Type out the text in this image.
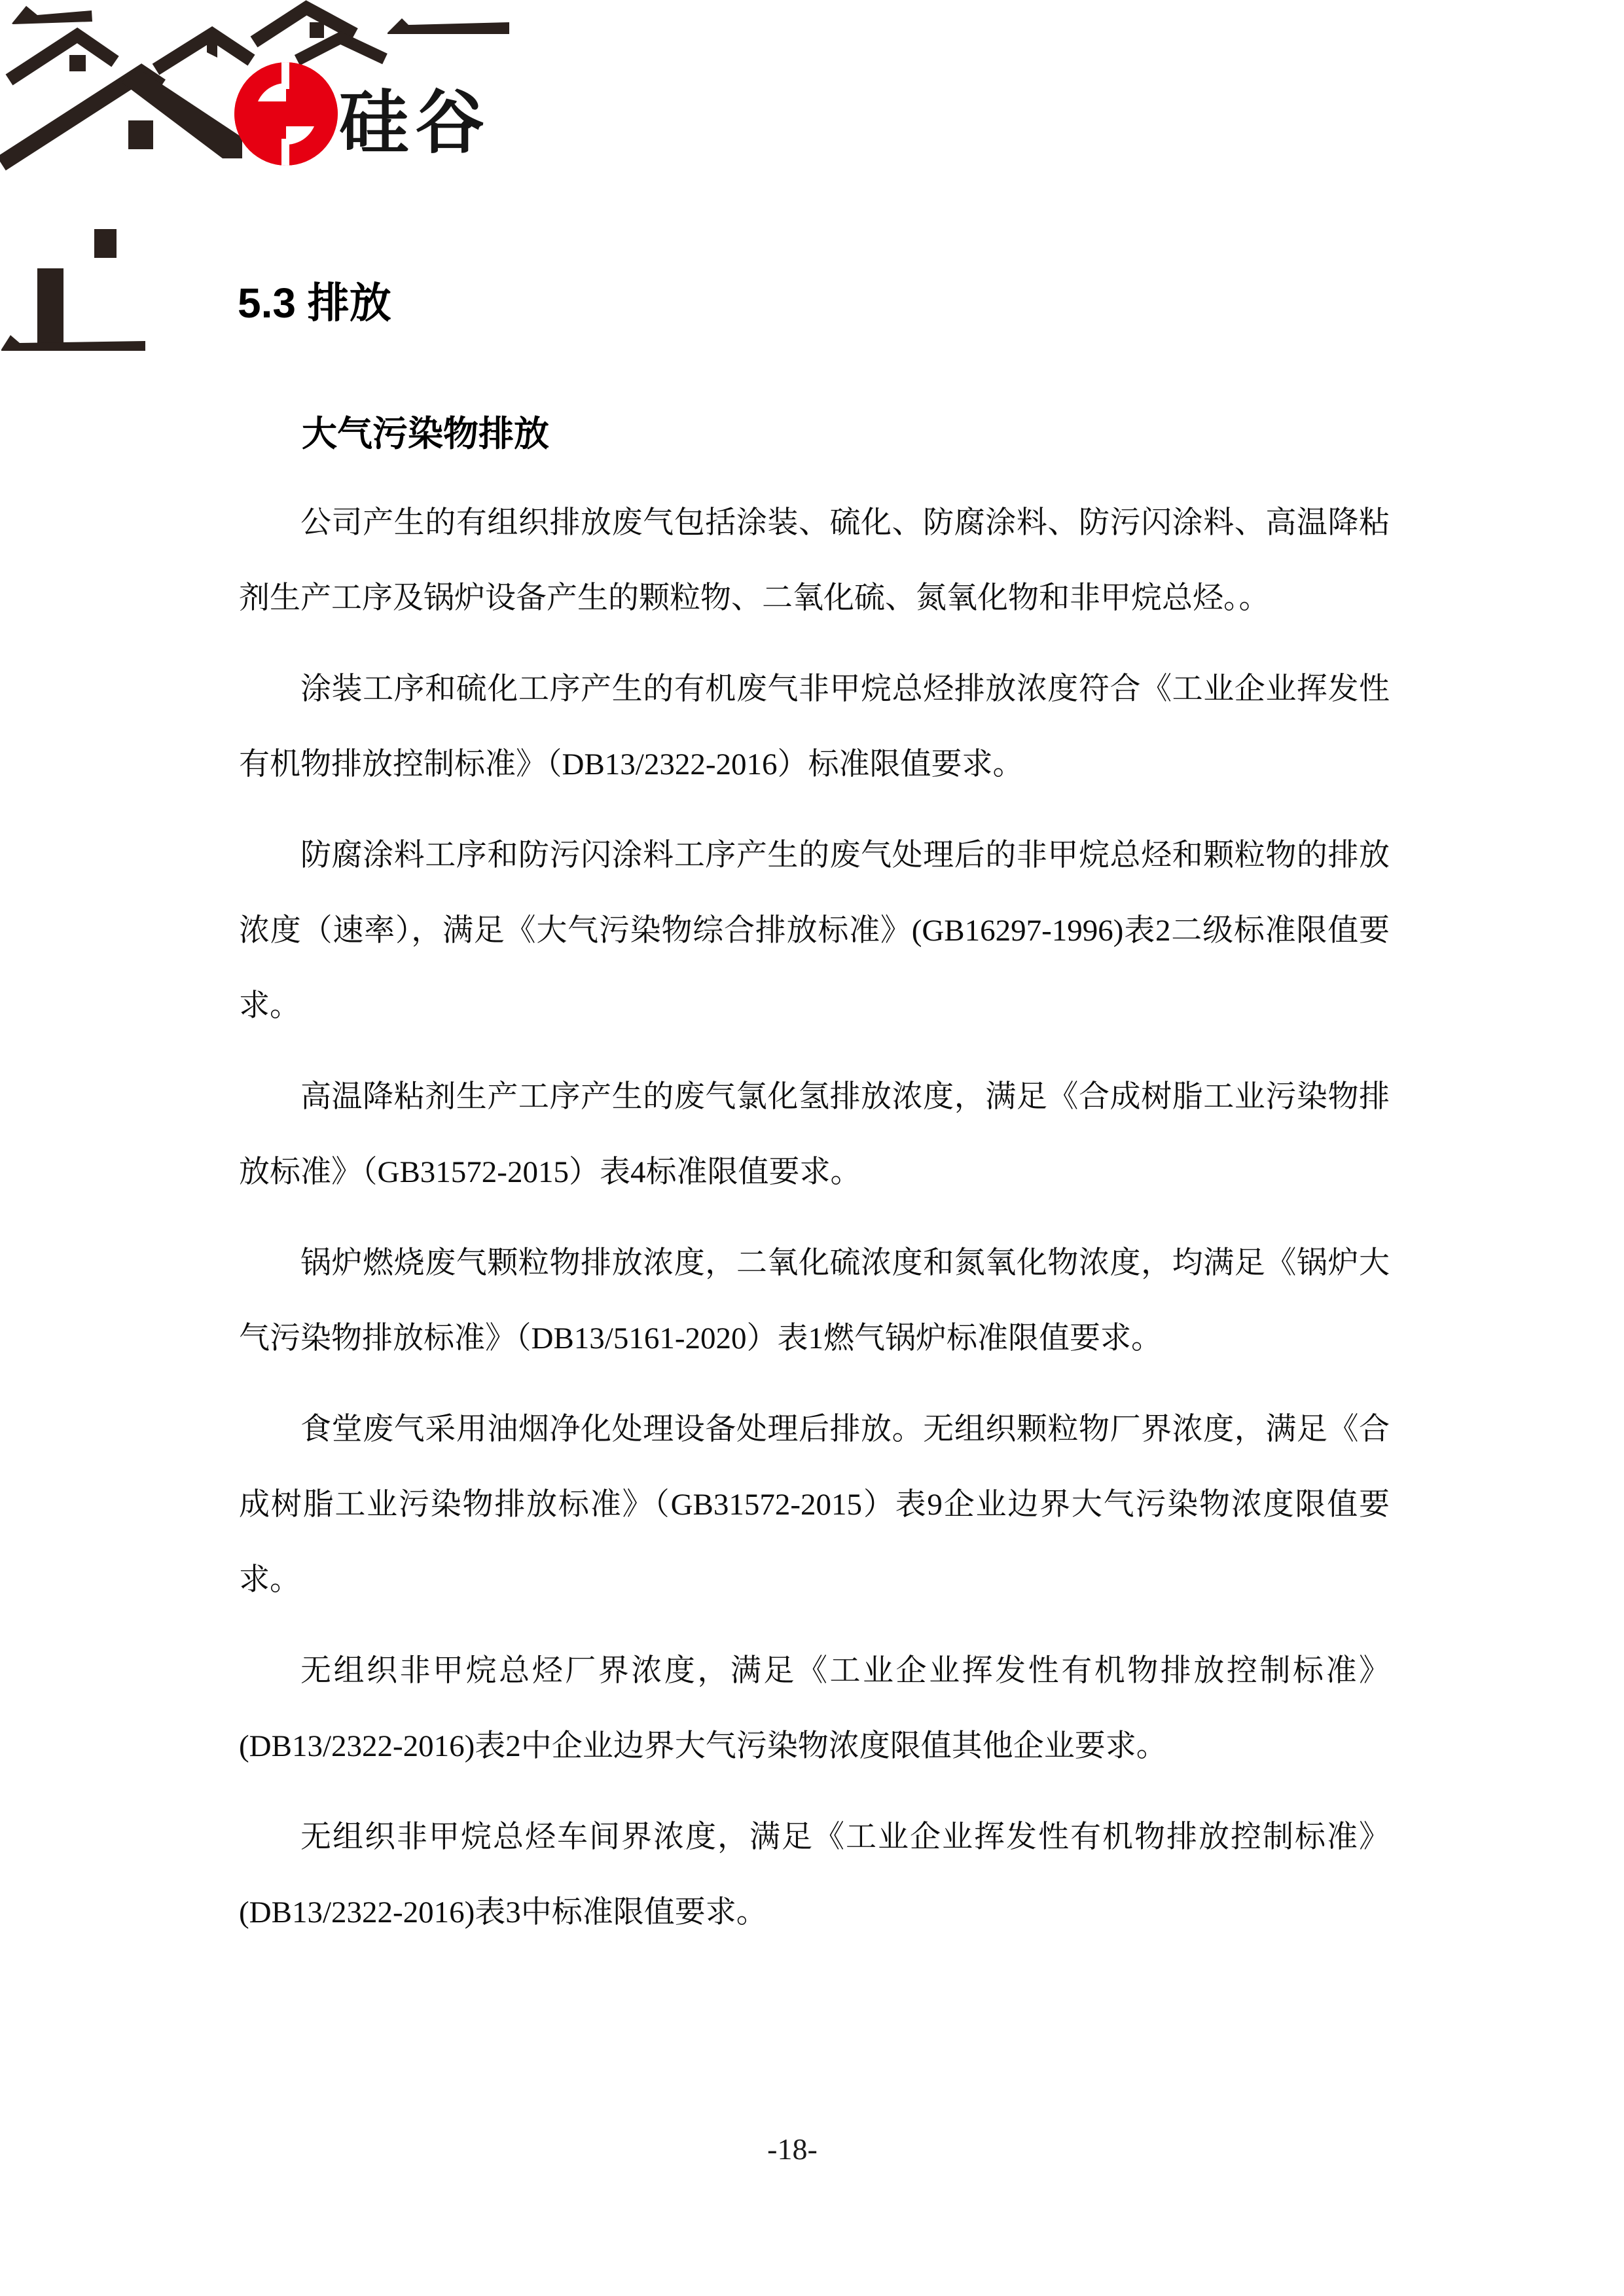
硅谷
5.3 排放
大气污染物排放

公司产生的有组织排放废气包括涂装、硫化、防腐涂料、防污闪涂料、高温降粘剂生产工序及锅炉设备产生的颗粒物、二氧化硫、氮氧化物和非甲烷总烃。。

涂装工序和硫化工序产生的有机废气非甲烷总烃排放浓度符合《工业企业挥发性有机物排放控制标准》（DB13/2322-2016）标准限值要求。

防腐涂料工序和防污闪涂料工序产生的废气处理后的非甲烷总烃和颗粒物的排放浓度（速率），满足《大气污染物综合排放标准》(GB16297-1996)表2二级标准限值要求。

高温降粘剂生产工序产生的废气氯化氢排放浓度，满足《合成树脂工业污染物排放标准》（GB31572-2015）表4标准限值要求。

锅炉燃烧废气颗粒物排放浓度，二氧化硫浓度和氮氧化物浓度，均满足《锅炉大气污染物排放标准》（DB13/5161-2020）表1燃气锅炉标准限值要求。

食堂废气采用油烟净化处理设备处理后排放。无组织颗粒物厂界浓度，满足《合成树脂工业污染物排放标准》（GB31572-2015）表9企业边界大气污染物浓度限值要求。

无组织非甲烷总烃厂界浓度，满足《工业企业挥发性有机物排放控制标准》(DB13/2322-2016)表2中企业边界大气污染物浓度限值其他企业要求。

无组织非甲烷总烃车间界浓度，满足《工业企业挥发性有机物排放控制标准》(DB13/2322-2016)表3中标准限值要求。

-18-
